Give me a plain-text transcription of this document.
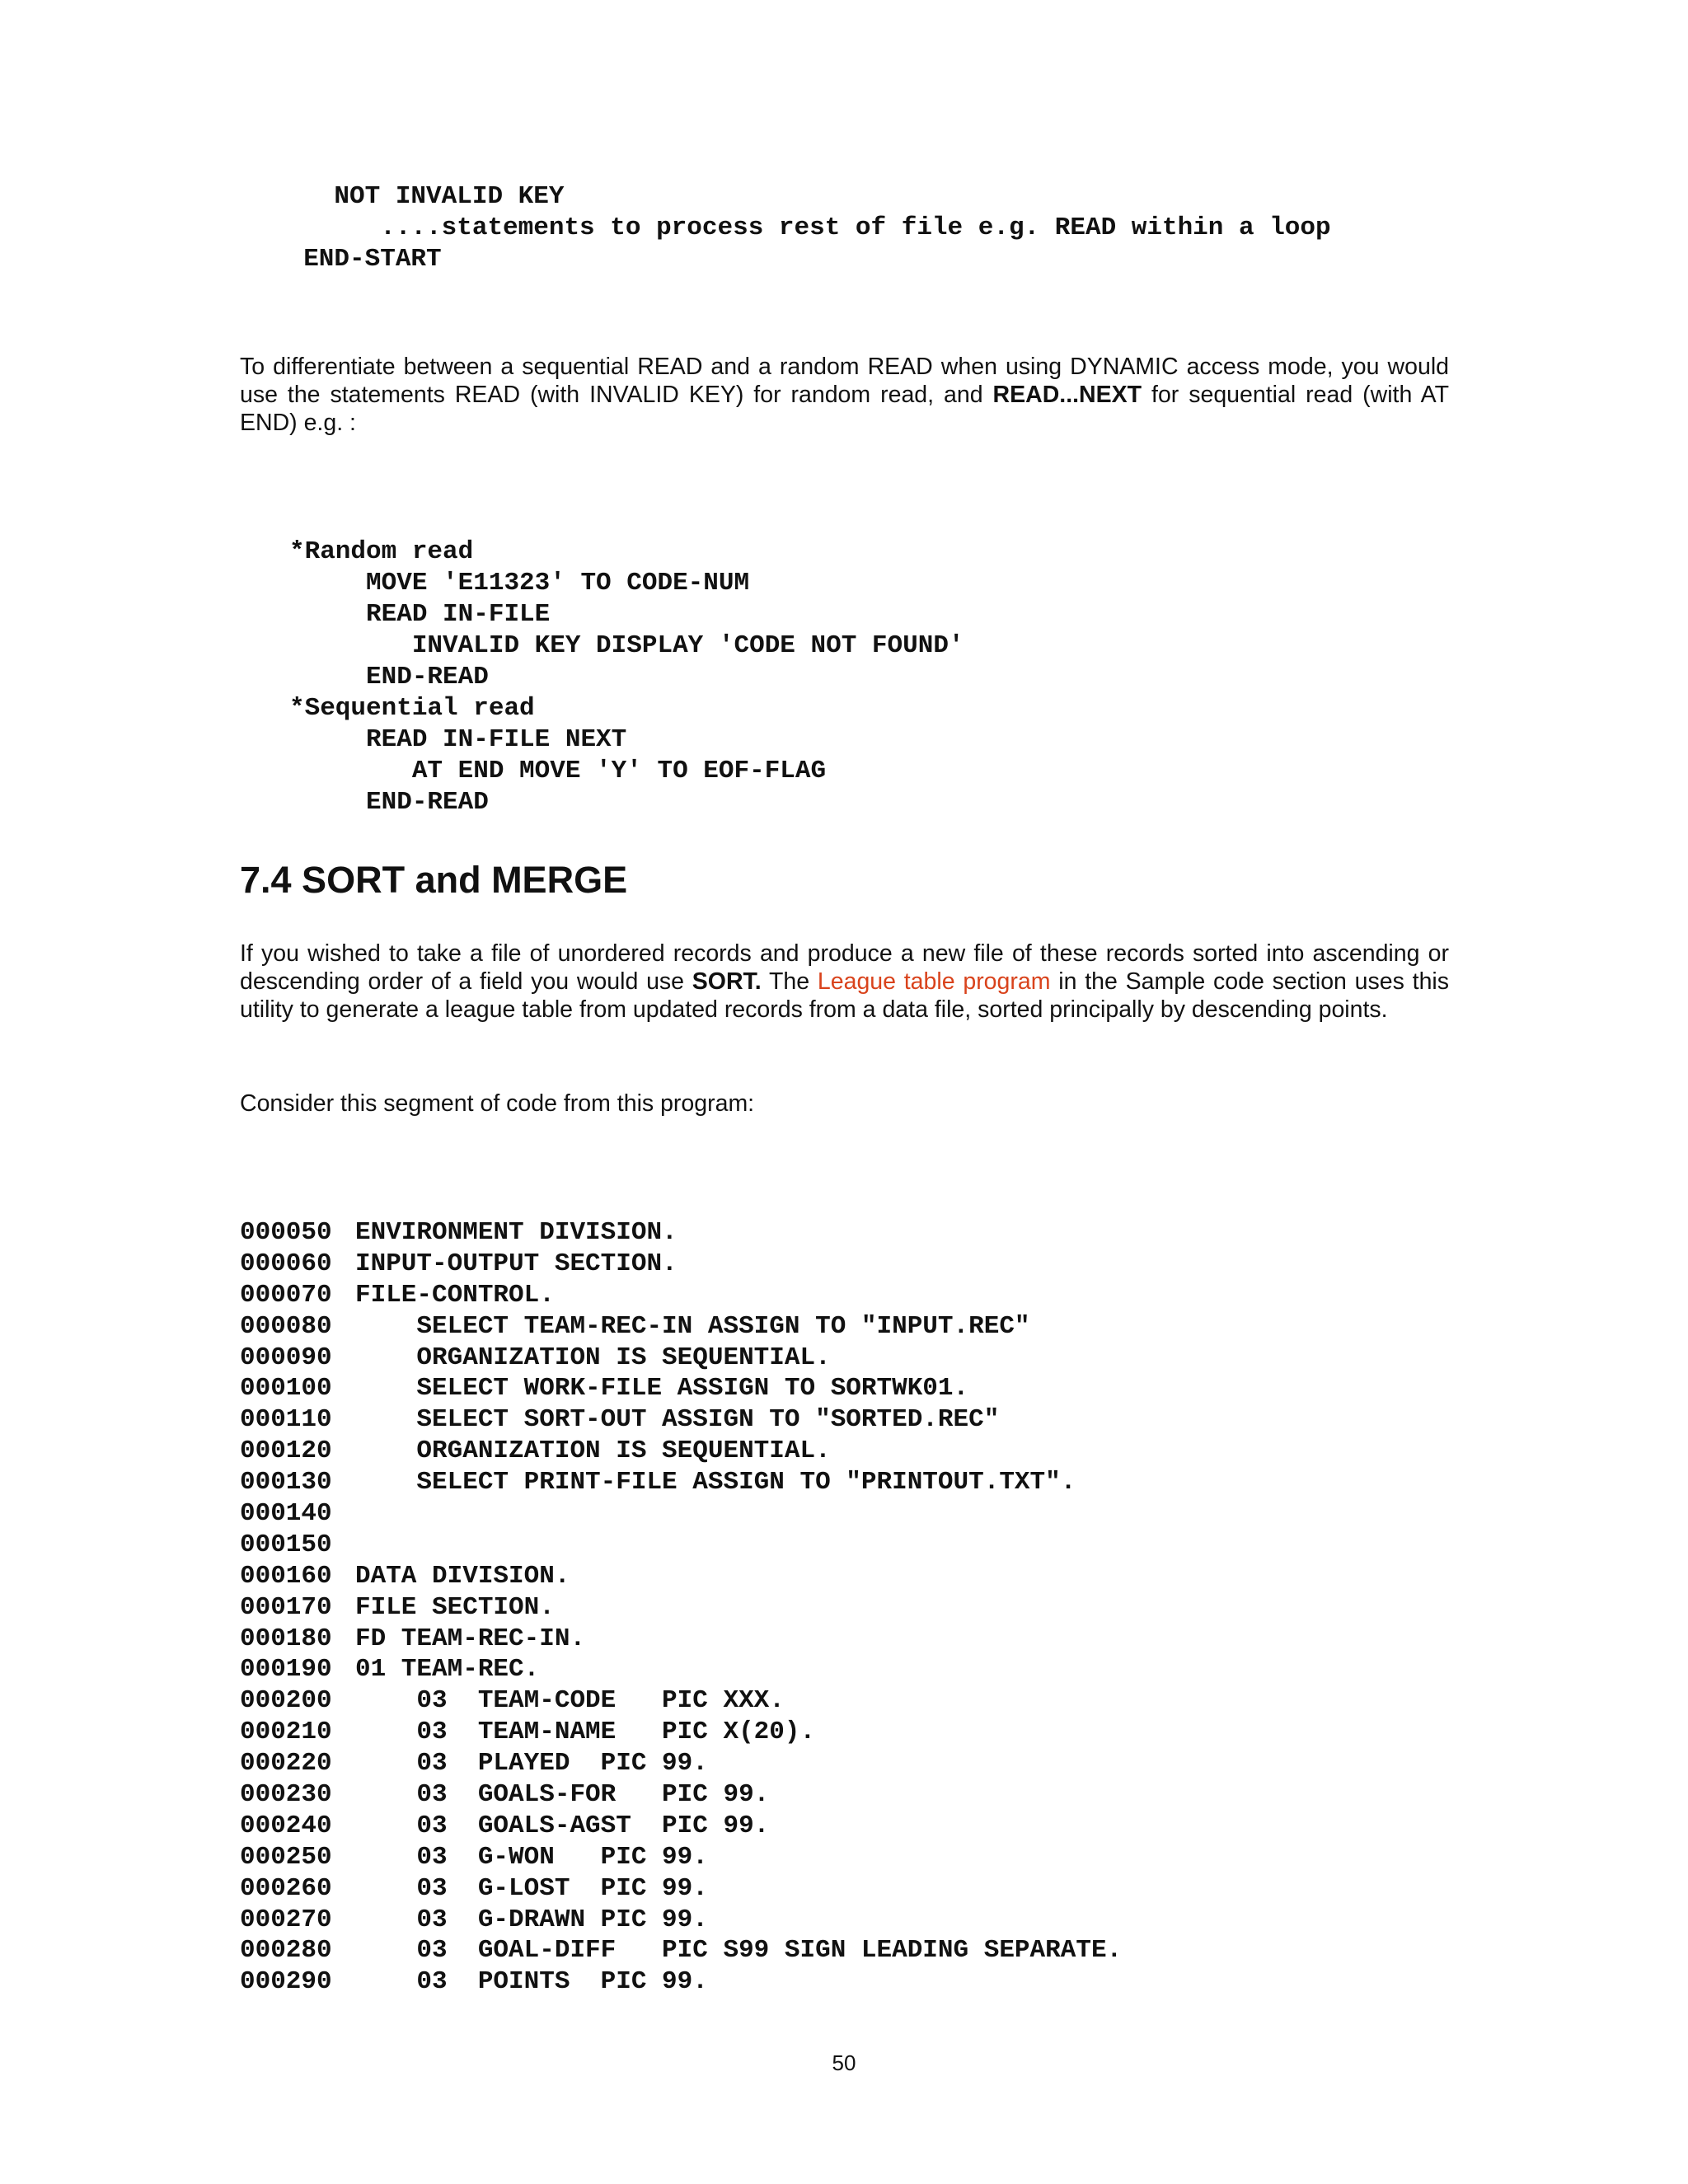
NOT INVALID KEY
....statements to process rest of file e.g. READ within a loop
END-START

To differentiate between a sequential READ and a random READ when using DYNAMIC access mode, you would use the statements READ (with INVALID KEY) for random read, and READ...NEXT for sequential read (with AT END) e.g. :

*Random read
MOVE 'E11323' TO CODE-NUM
READ IN-FILE
INVALID KEY DISPLAY 'CODE NOT FOUND'
END-READ
*Sequential read
READ IN-FILE NEXT
AT END MOVE 'Y' TO EOF-FLAG
END-READ
7.4 SORT and MERGE

If you wished to take a file of unordered records and produce a new file of these records sorted into ascending or descending order of a field you would use SORT. The League table program in the Sample code section uses this utility to generate a league table from updated records from a data file, sorted principally by descending points.

Consider this segment of code from this program:

000050 ENVIRONMENT DIVISION.
000060 INPUT-OUTPUT SECTION.
000070 FILE-CONTROL.
000080    SELECT TEAM-REC-IN ASSIGN TO "INPUT.REC"
000090    ORGANIZATION IS SEQUENTIAL.
000100    SELECT WORK-FILE ASSIGN TO SORTWK01.
000110    SELECT SORT-OUT ASSIGN TO "SORTED.REC"
000120    ORGANIZATION IS SEQUENTIAL.
000130    SELECT PRINT-FILE ASSIGN TO "PRINTOUT.TXT".
000140
000150
000160 DATA DIVISION.
000170 FILE SECTION.
000180 FD TEAM-REC-IN.
000190 01 TEAM-REC.
000200    03  TEAM-CODE   PIC XXX.
000210    03  TEAM-NAME   PIC X(20).
000220    03  PLAYED  PIC 99.
000230    03  GOALS-FOR   PIC 99.
000240    03  GOALS-AGST  PIC 99.
000250    03  G-WON   PIC 99.
000260    03  G-LOST  PIC 99.
000270    03  G-DRAWN PIC 99.
000280    03  GOAL-DIFF   PIC S99 SIGN LEADING SEPARATE.
000290    03  POINTS  PIC 99.
50
